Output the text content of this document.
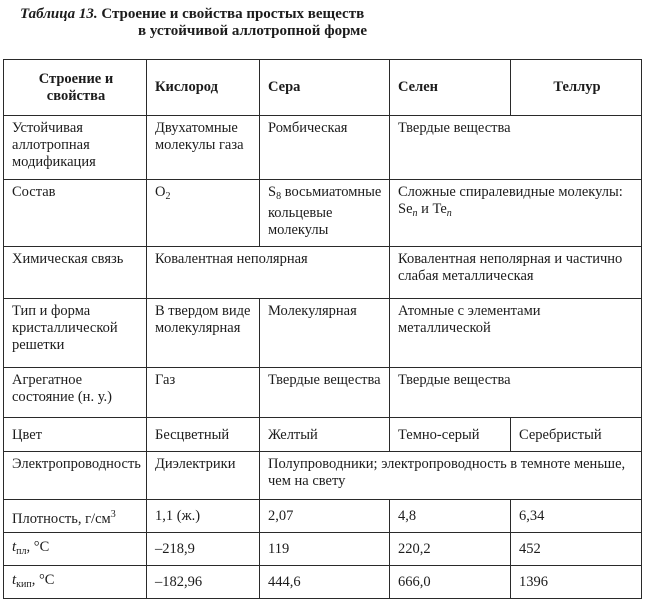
Таблица 13. Строение и свойства простых веществ
в устойчивой аллотропной форме
Строение и свойства	Кислород	Сера	Селен	Теллур
Устойчивая аллотропная модификация	Двухатомные молекулы газа	Ромбическая	Твердые вещества	
Состав	$O_2$	$S_8$ восьмиатомные кольцевые молекулы	Сложные спиралевидные молекулы: $Se_n$ и $Te_n$
Химическая связь	Ковалентная неполярная		Ковалентная неполярная и частично слабая металлическая	
Тип и форма кристаллической решетки	В твердом виде молекулярная	Молекулярная	Атомные с элементами металлической	
Агрегатное состояние (н. у.)	Газ	Твердые вещества	Твердые вещества	
Цвет	Бесцветный	Желтый	Темно-серый	Серебристый
Электропроводность	Диэлектрики	Полупроводники; электропроводность в темноте меньше, чем на свету		
Плотность, $г/см^3$	1,1 (ж.)	2,07	4,8	6,34
$t_{пл}$, °C	–218,9	119	220,2	452
$t_{кип}$, °C	–182,96	444,6	666,0	1396
